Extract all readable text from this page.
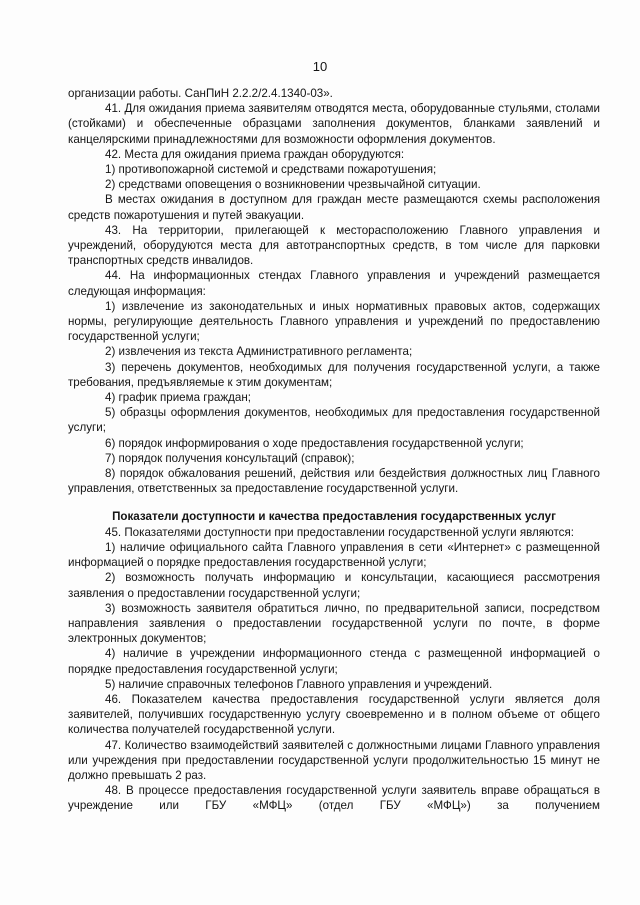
10

организации работы. СанПиН 2.2.2/2.4.1340-03».

41. Для ожидания приема заявителям отводятся места, оборудованные стульями, столами (стойками) и обеспеченные образцами заполнения документов, бланками заявлений и канцелярскими принадлежностями для возможности оформления документов.

42. Места для ожидания приема граждан оборудуются:

1) противопожарной системой и средствами пожаротушения;

2) средствами оповещения о возникновении чрезвычайной ситуации.

В местах ожидания в доступном для граждан месте размещаются схемы расположения средств пожаротушения и путей эвакуации.

43. На территории, прилегающей к месторасположению Главного управления и учреждений, оборудуются места для автотранспортных средств, в том числе для парковки транспортных средств инвалидов.

44. На информационных стендах Главного управления и учреждений размещается следующая информация:

1) извлечение из законодательных и иных нормативных правовых актов, содержащих нормы, регулирующие деятельность Главного управления и учреждений по предоставлению государственной услуги;

2) извлечения из текста Административного регламента;

3) перечень документов, необходимых для получения государственной услуги, а также требования, предъявляемые к этим документам;

4) график приема граждан;

5) образцы оформления документов, необходимых для предоставления государственной услуги;

6) порядок информирования о ходе предоставления государственной услуги;

7) порядок получения консультаций (справок);

8) порядок обжалования решений, действия или бездействия должностных лиц Главного управления, ответственных за предоставление государственной услуги.

Показатели доступности и качества предоставления государственных услуг

45. Показателями доступности при предоставлении государственной услуги являются:

1) наличие официального сайта Главного управления в сети «Интернет» с размещенной информацией о порядке предоставления государственной услуги;

2) возможность получать информацию и консультации, касающиеся рассмотрения заявления о предоставлении государственной услуги;

3) возможность заявителя обратиться лично, по предварительной записи, посредством направления заявления о предоставлении государственной услуги по почте, в форме электронных документов;

4) наличие в учреждении информационного стенда с размещенной информацией о порядке предоставления государственной услуги;

5) наличие справочных телефонов Главного управления и учреждений.

46. Показателем качества предоставления государственной услуги является доля заявителей, получивших государственную услугу своевременно и в полном объеме от общего количества получателей государственной услуги.

47. Количество взаимодействий заявителей с должностными лицами Главного управления или учреждения при предоставлении государственной услуги продолжительностью 15 минут не должно превышать 2 раз.

48. В процессе предоставления государственной услуги заявитель вправе обращаться в учреждение или ГБУ «МФЦ» (отдел ГБУ «МФЦ») за получением
